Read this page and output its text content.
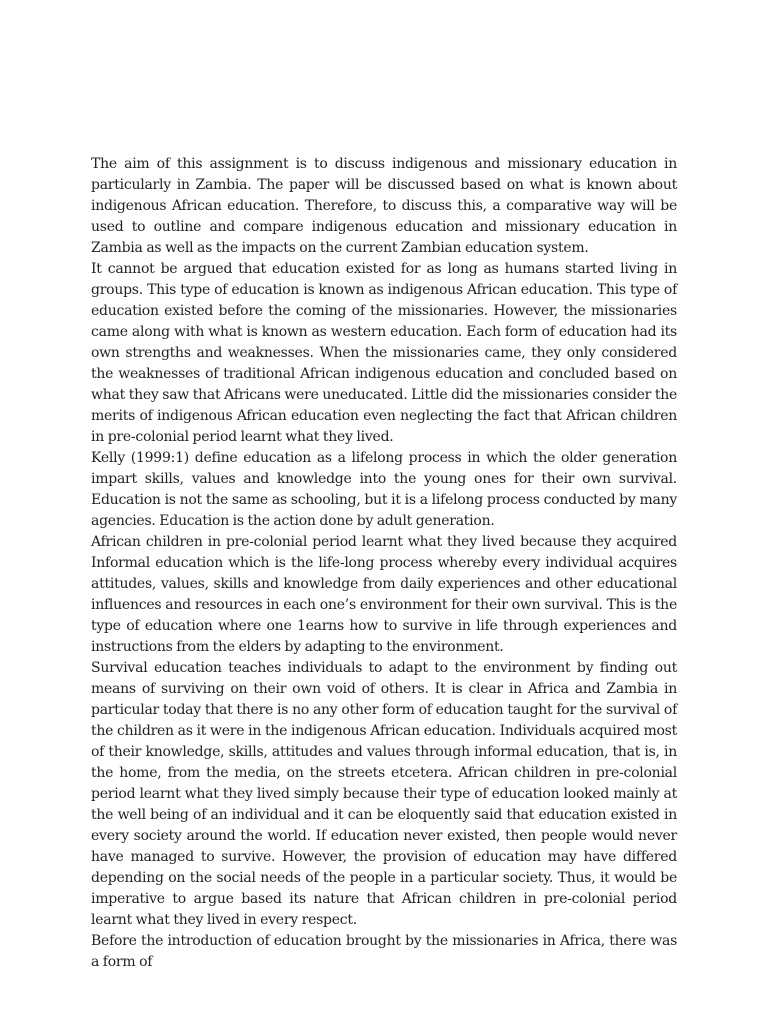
The aim of this assignment is to discuss indigenous and missionary education in particularly in Zambia. The paper will be discussed based on what is known about indigenous African education. Therefore, to discuss this, a comparative way will be used to outline and compare indigenous education and missionary education in Zambia as well as the impacts on the current Zambian education system.

It cannot be argued that education existed for as long as humans started living in groups. This type of education is known as indigenous African education. This type of education existed before the coming of the missionaries. However, the missionaries came along with what is known as western education. Each form of education had its own strengths and weaknesses. When the missionaries came, they only considered the weaknesses of traditional African indigenous education and concluded based on what they saw that Africans were uneducated. Little did the missionaries consider the merits of indigenous African education even neglecting the fact that African children in pre-colonial period learnt what they lived.

Kelly (1999:1) define education as a lifelong process in which the older generation impart skills, values and knowledge into the young ones for their own survival. Education is not the same as schooling, but it is a lifelong process conducted by many agencies. Education is the action done by adult generation.

African children in pre-colonial period learnt what they lived because they acquired Informal education which is the life-long process whereby every individual acquires attitudes, values, skills and knowledge from daily experiences and other educational influences and resources in each one’s environment for their own survival. This is the type of education where one 1earns how to survive in life through experiences and instructions from the elders by adapting to the environment.

Survival education teaches individuals to adapt to the environment by finding out means of surviving on their own void of others. It is clear in Africa and Zambia in particular today that there is no any other form of education taught for the survival of the children as it were in the indigenous African education. Individuals acquired most of their knowledge, skills, attitudes and values through informal education, that is, in the home, from the media, on the streets etcetera. African children in pre-colonial period learnt what they lived simply because their type of education looked mainly at the well being of an individual and it can be eloquently said that education existed in every society around the world. If education never existed, then people would never have managed to survive. However, the provision of education may have differed depending on the social needs of the people in a particular society. Thus, it would be imperative to argue based its nature that African children in pre-colonial period learnt what they lived in every respect.

Before the introduction of education brought by the missionaries in Africa, there was a form of
